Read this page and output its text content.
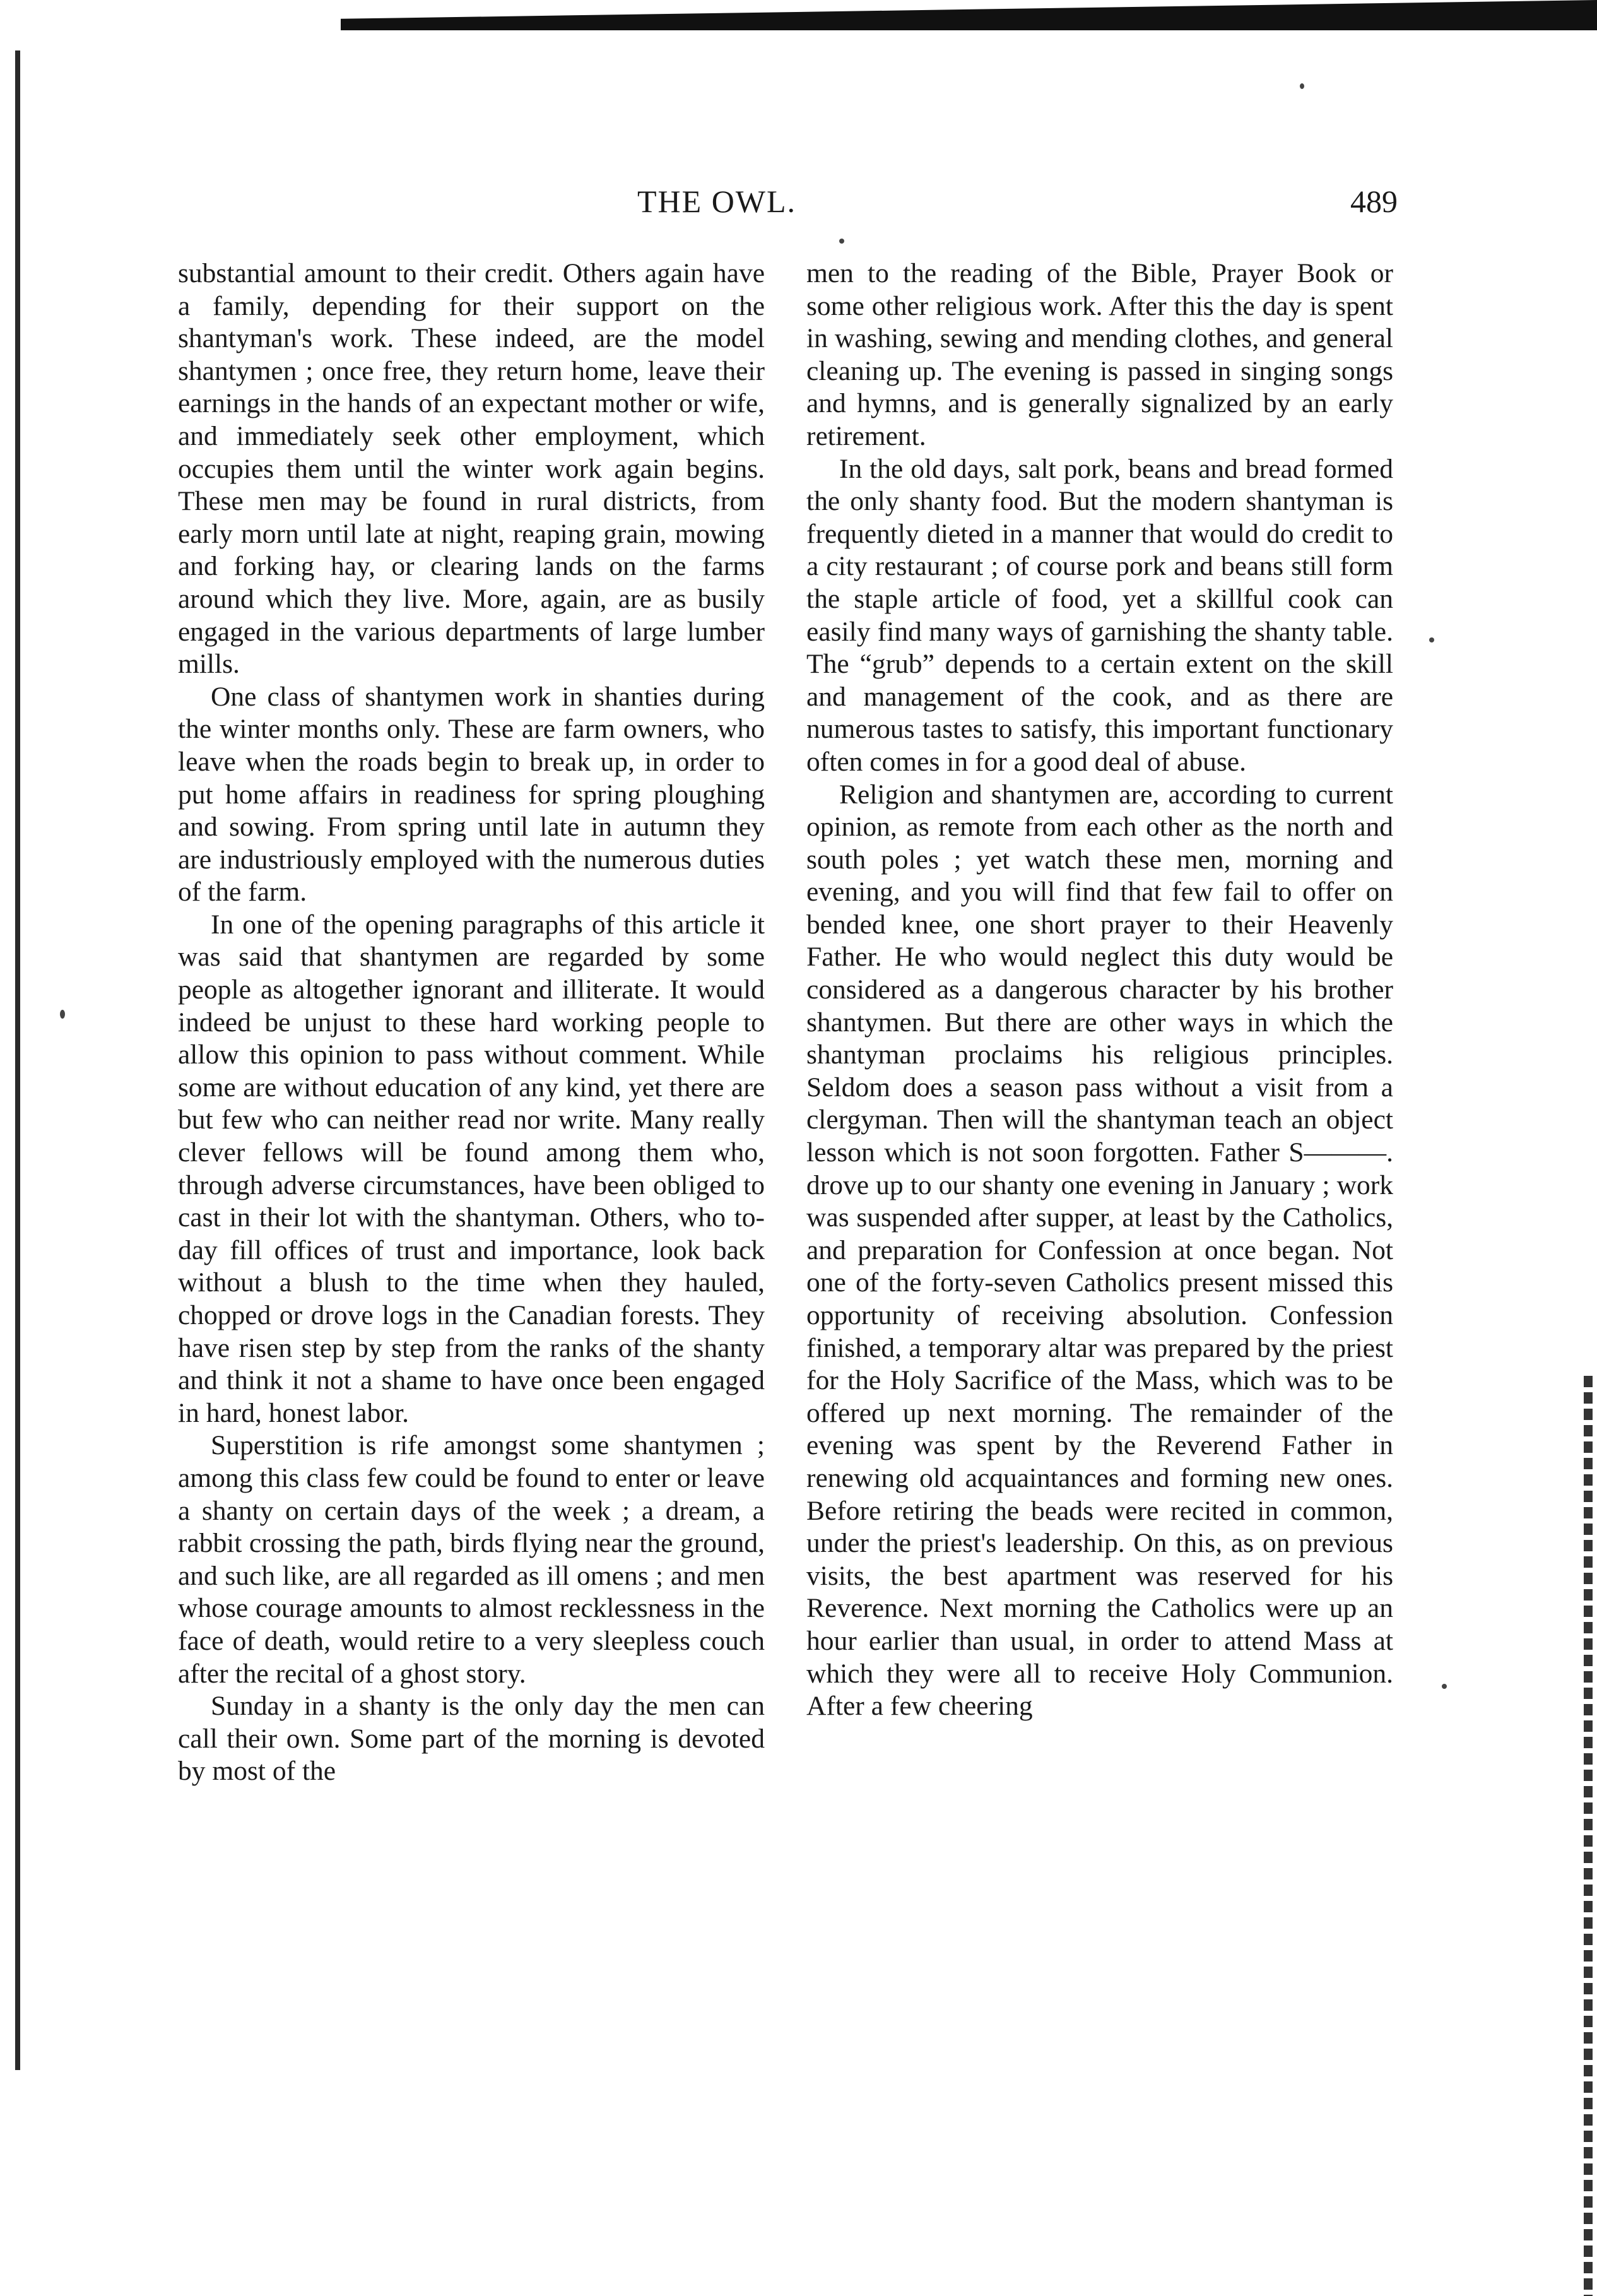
THE OWL.	489

substantial amount to their credit. Others again have a family, depending for their support on the shantyman's work. These indeed, are the model shantymen ; once free, they return home, leave their earnings in the hands of an expectant mother or wife, and immediately seek other employment, which occupies them until the winter work again begins. These men may be found in rural districts, from early morn until late at night, reaping grain, mowing and forking hay, or clearing lands on the farms around which they live. More, again, are as busily engaged in the various departments of large lumber mills.

One class of shantymen work in shanties during the winter months only. These are farm owners, who leave when the roads begin to break up, in order to put home affairs in readiness for spring ploughing and sowing. From spring until late in autumn they are industriously employed with the numerous duties of the farm.

In one of the opening paragraphs of this article it was said that shantymen are regarded by some people as altogether ignorant and illiterate. It would indeed be unjust to these hard working people to allow this opinion to pass without comment. While some are without education of any kind, yet there are but few who can neither read nor write. Many really clever fellows will be found among them who, through adverse circumstances, have been obliged to cast in their lot with the shantyman. Others, who to-day fill offices of trust and importance, look back without a blush to the time when they hauled, chopped or drove logs in the Canadian forests. They have risen step by step from the ranks of the shanty and think it not a shame to have once been engaged in hard, honest labor.

Superstition is rife amongst some shantymen ; among this class few could be found to enter or leave a shanty on certain days of the week ; a dream, a rabbit crossing the path, birds flying near the ground, and such like, are all regarded as ill omens ; and men whose courage amounts to almost recklessness in the face of death, would retire to a very sleepless couch after the recital of a ghost story.

Sunday in a shanty is the only day the men can call their own. Some part of the morning is devoted by most of the

men to the reading of the Bible, Prayer Book or some other religious work. After this the day is spent in washing, sewing and mending clothes, and general cleaning up. The evening is passed in singing songs and hymns, and is generally signalized by an early retirement.

In the old days, salt pork, beans and bread formed the only shanty food. But the modern shantyman is frequently dieted in a manner that would do credit to a city restaurant ; of course pork and beans still form the staple article of food, yet a skillful cook can easily find many ways of garnishing the shanty table. The “grub” depends to a certain extent on the skill and management of the cook, and as there are numerous tastes to satisfy, this important functionary often comes in for a good deal of abuse.

Religion and shantymen are, according to current opinion, as remote from each other as the north and south poles ; yet watch these men, morning and evening, and you will find that few fail to offer on bended knee, one short prayer to their Heavenly Father. He who would neglect this duty would be considered as a dangerous character by his brother shantymen. But there are other ways in which the shantyman proclaims his religious principles. Seldom does a season pass without a visit from a clergyman. Then will the shantyman teach an object lesson which is not soon forgotten. Father S———. drove up to our shanty one evening in January ; work was suspended after supper, at least by the Catholics, and preparation for Confession at once began. Not one of the forty-seven Catholics present missed this opportunity of receiving absolution. Confession finished, a temporary altar was prepared by the priest for the Holy Sacrifice of the Mass, which was to be offered up next morning. The remainder of the evening was spent by the Reverend Father in renewing old acquaintances and forming new ones. Before retiring the beads were recited in common, under the priest's leadership. On this, as on previous visits, the best apartment was reserved for his Reverence. Next morning the Catholics were up an hour earlier than usual, in order to attend Mass at which they were all to receive Holy Communion. After a few cheering
